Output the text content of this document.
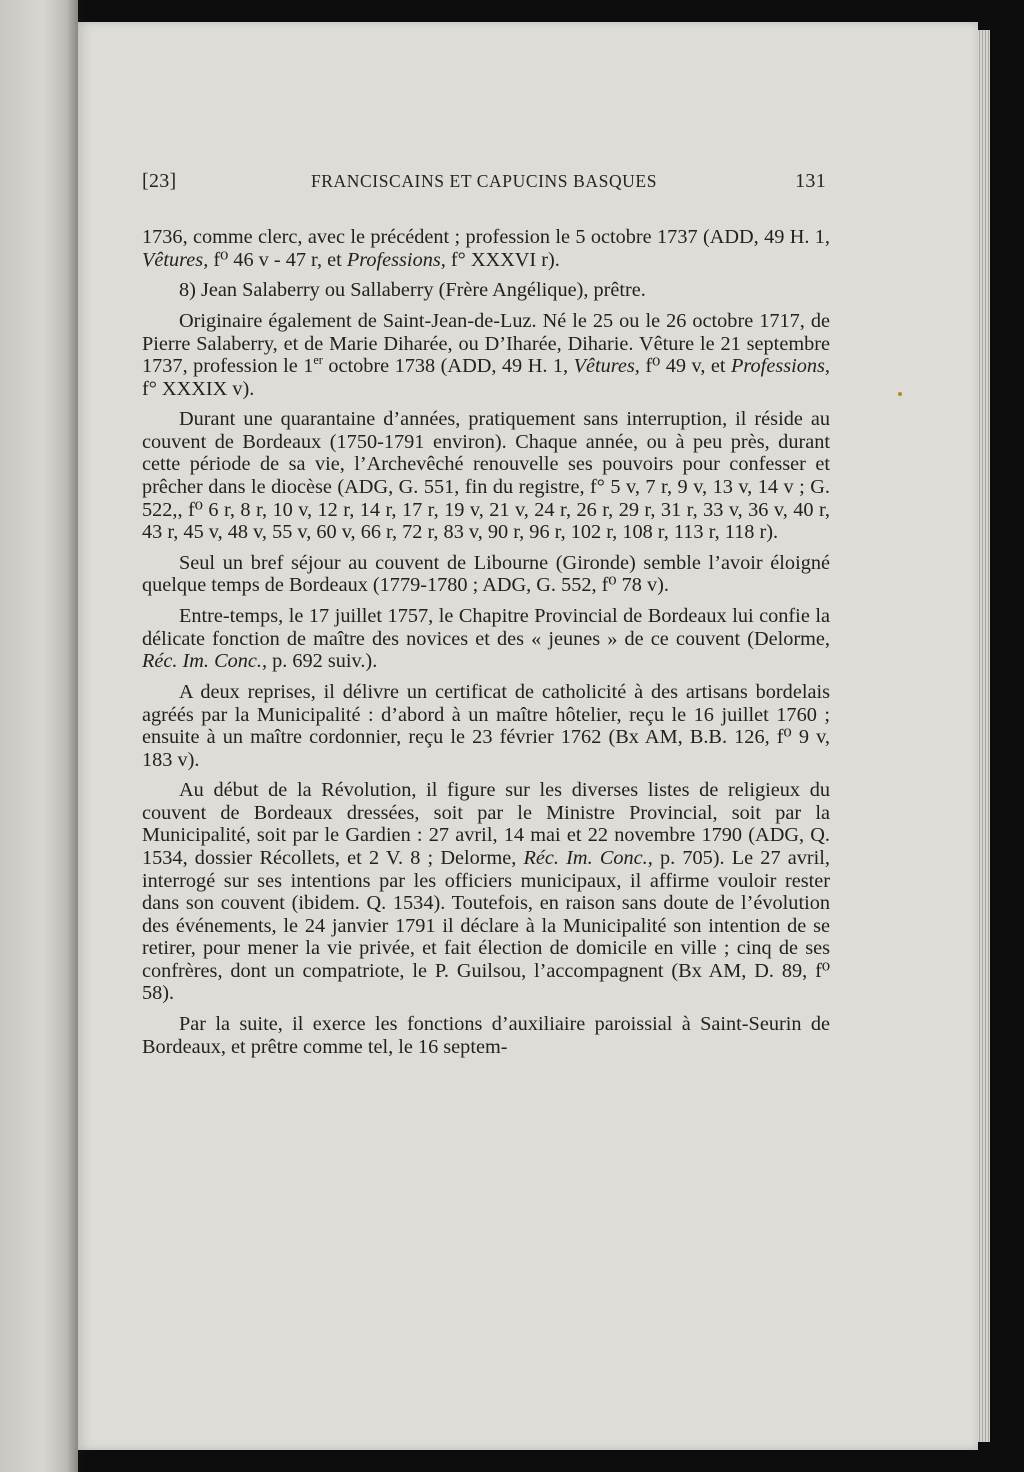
[23]	FRANCISCAINS ET CAPUCINS BASQUES	131

1736, comme clerc, avec le précédent ; profession le 5 octobre 1737 (ADD, 49 H. 1, Vêtures, f⁰ 46 v - 47 r, et Professions, f° XXXVI r).

8) Jean Salaberry ou Sallaberry (Frère Angélique), prêtre.

Originaire également de Saint-Jean-de-Luz. Né le 25 ou le 26 octobre 1717, de Pierre Salaberry, et de Marie Diharée, ou D’Iharée, Diharie. Vêture le 21 septembre 1737, profession le 1er octobre 1738 (ADD, 49 H. 1, Vêtures, f⁰ 49 v, et Professions, f° XXXIX v).

Durant une quarantaine d’années, pratiquement sans interruption, il réside au couvent de Bordeaux (1750-1791 environ). Chaque année, ou à peu près, durant cette période de sa vie, l’Archevêché renouvelle ses pouvoirs pour confesser et prêcher dans le diocèse (ADG, G. 551, fin du registre, f° 5 v, 7 r, 9 v, 13 v, 14 v ; G. 522,, f⁰ 6 r, 8 r, 10 v, 12 r, 14 r, 17 r, 19 v, 21 v, 24 r, 26 r, 29 r, 31 r, 33 v, 36 v, 40 r, 43 r, 45 v, 48 v, 55 v, 60 v, 66 r, 72 r, 83 v, 90 r, 96 r, 102 r, 108 r, 113 r, 118 r).

Seul un bref séjour au couvent de Libourne (Gironde) semble l’avoir éloigné quelque temps de Bordeaux (1779-1780 ; ADG, G. 552, f⁰ 78 v).

Entre-temps, le 17 juillet 1757, le Chapitre Provincial de Bordeaux lui confie la délicate fonction de maître des novices et des « jeunes » de ce couvent (Delorme, Réc. Im. Conc., p. 692 suiv.).

A deux reprises, il délivre un certificat de catholicité à des artisans bordelais agréés par la Municipalité : d’abord à un maître hôtelier, reçu le 16 juillet 1760 ; ensuite à un maître cordonnier, reçu le 23 février 1762 (Bx AM, B.B. 126, f⁰ 9 v, 183 v).

Au début de la Révolution, il figure sur les diverses listes de religieux du couvent de Bordeaux dressées, soit par le Ministre Provincial, soit par la Municipalité, soit par le Gardien : 27 avril, 14 mai et 22 novembre 1790 (ADG, Q. 1534, dossier Récollets, et 2 V. 8 ; Delorme, Réc. Im. Conc., p. 705). Le 27 avril, interrogé sur ses intentions par les officiers municipaux, il affirme vouloir rester dans son couvent (ibidem. Q. 1534). Toutefois, en raison sans doute de l’évolution des événements, le 24 janvier 1791 il déclare à la Municipalité son intention de se retirer, pour mener la vie privée, et fait élection de domicile en ville ; cinq de ses confrères, dont un compatriote, le P. Guilsou, l’accompagnent (Bx AM, D. 89, f⁰ 58).

Par la suite, il exerce les fonctions d’auxiliaire paroissial à Saint-Seurin de Bordeaux, et prêtre comme tel, le 16 septem-
